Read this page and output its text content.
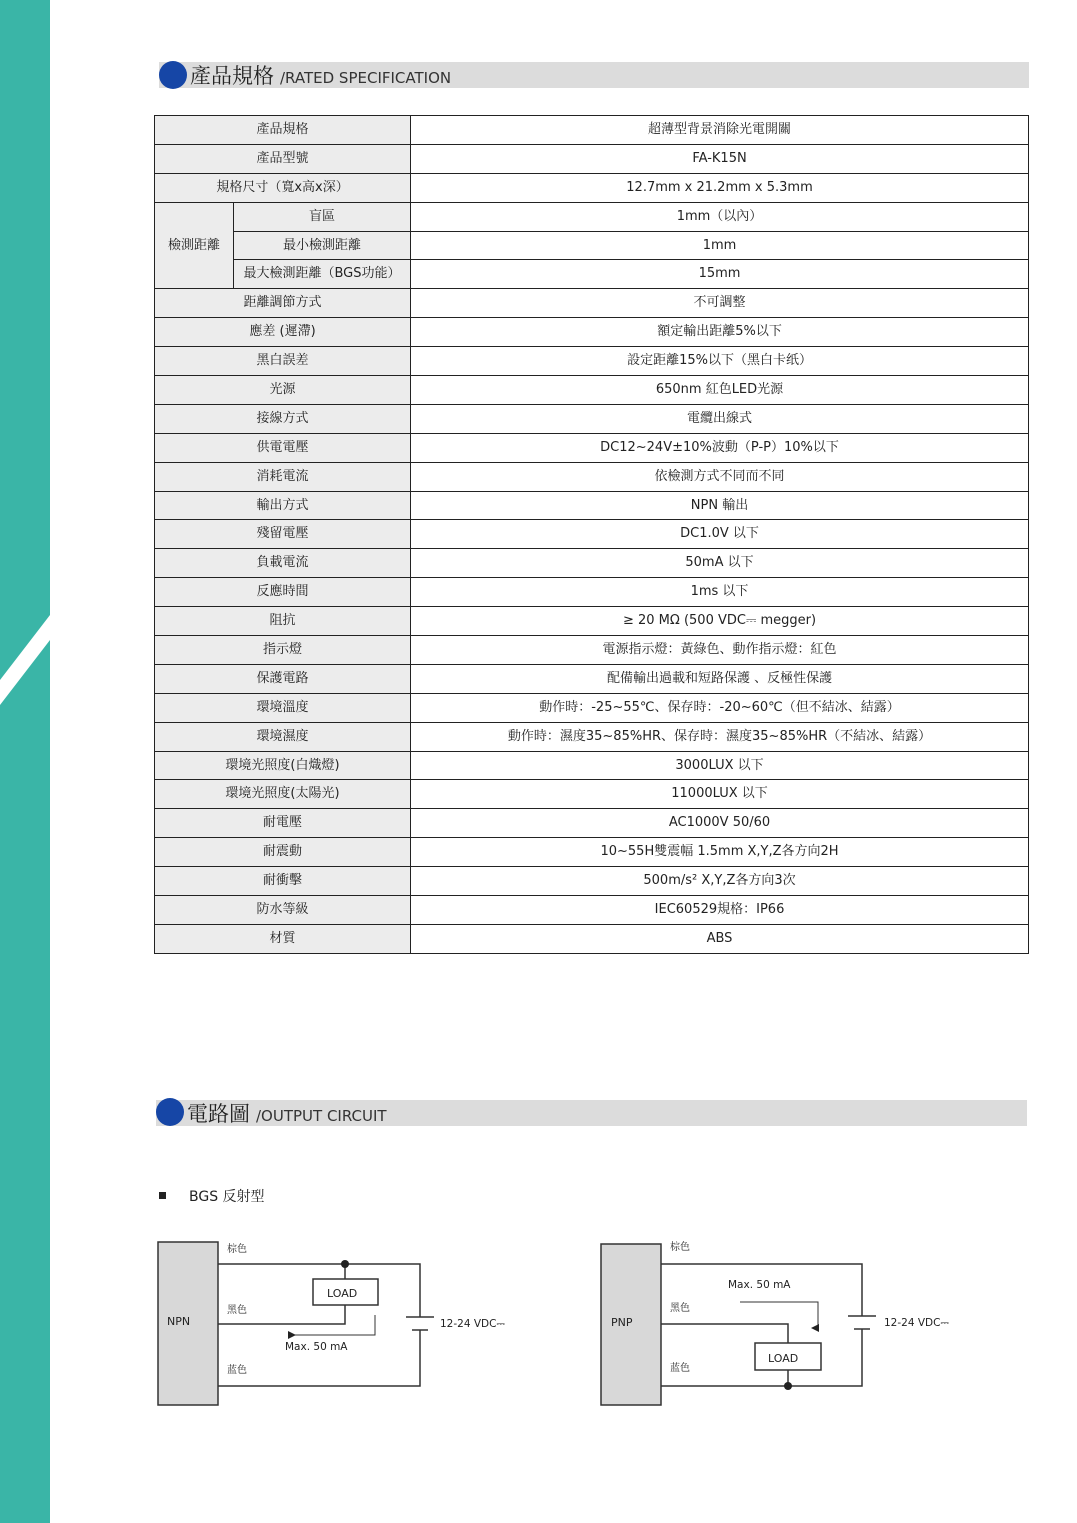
產品規格 /RATED SPECIFICATION
產品規格		超薄型背景消除光電開關
產品型號		FA-K15N
規格尺寸（寬x高x深）		12.7mm x 21.2mm x 5.3mm
檢測距離	盲區	1mm（以內）
	最小檢測距離	1mm
	最大檢測距離（BGS功能）	15mm
距離調節方式		不可調整
應差 (遲滯)		額定輸出距離5%以下
黑白誤差		設定距離15%以下（黑白卡纸）
光源		650nm 紅色LED光源
接線方式		電纜出線式
供電電壓		DC12~24V±10%波動（P-P）10%以下
消耗電流		依檢測方式不同而不同
輸出方式		NPN 輸出
殘留電壓		DC1.0V 以下
負載電流		50mA 以下
反應時間		1ms 以下
阻抗		≥ 20 MΩ (500 VDC⎓ megger)
指示燈		電源指示燈：黃綠色、動作指示燈：紅色
保護電路		配備輸出過載和短路保護 、反極性保護
環境溫度		動作時：-25~55℃、保存時：-20~60℃（但不結冰、結露）
環境濕度		動作時：濕度35~85%HR、保存時：濕度35~85%HR（不結冰、結露）
環境光照度(白熾燈)		3000LUX 以下
環境光照度(太陽光)		11000LUX 以下
耐電壓		AC1000V 50/60
耐震動		10~55H雙震幅 1.5mm X,Y,Z各方向2H
耐衝擊		500m/s² X,Y,Z各方向3次
防水等級		IEC60529規格：IP66
材質		ABS
電路圖 /OUTPUT CIRCUIT
BGS 反射型
NPN
棕色
黑色
蓝色
LOAD
Max. 50 mA
12-24 VDC⎓	PNP
棕色
黑色
蓝色
LOAD
Max. 50 mA
12-24 VDC⎓
